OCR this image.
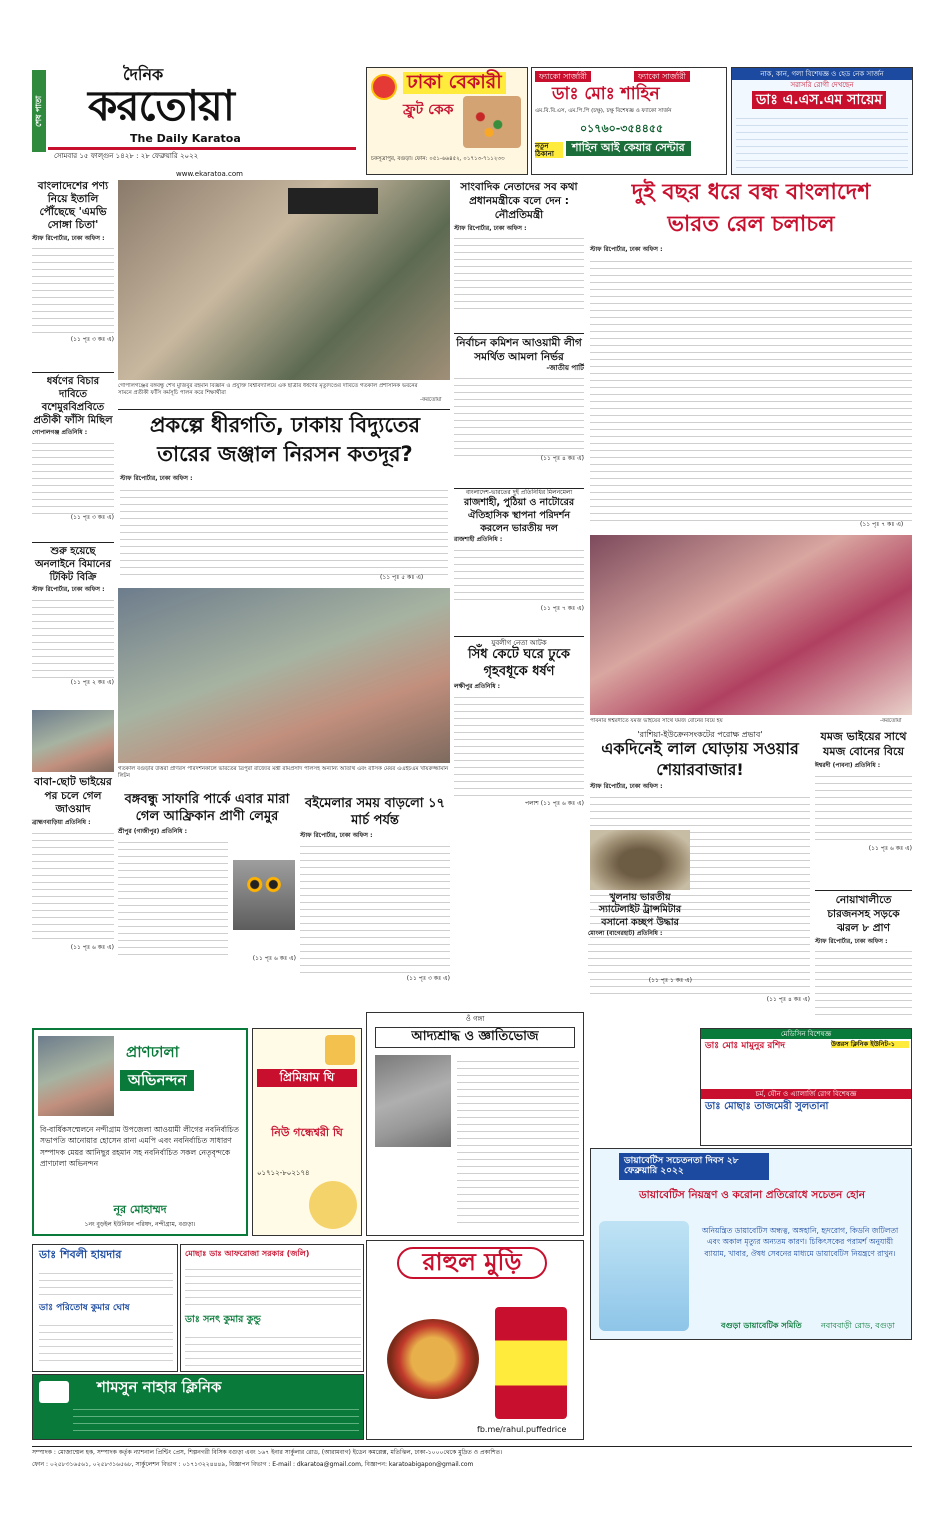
শেষ পাতা
দৈনিক
করতোয়া
The Daily Karatoa
সোমবার ১৫ ফাল্গুন ১৪২৮ : ২৮ ফেব্রুয়ারি ২০২২
www.ekaratoa.com
ঢাকা বেকারী
ফ্রুট কেক
চকসূত্রাপুর, বগুড়া। ফোন: ০৫১-৬৬৪৫২, ০১৭১৩-৭১১২৩৩
ফ্যাকো সার্জারী	ফ্যাকো সার্জারী
ডাঃ মোঃ শাহিন
এম.বি.বি.এস, এম.পি.পি (চক্ষু), চক্ষু বিশেষজ্ঞ ও ফ্যাকো সার্জন
০১৭৬০-৩৫৪৪৫৫
নতুন ঠিকানা
শাহিন আই কেয়ার সেন্টার
নাক, কান, গলা বিশেষজ্ঞ ও হেড নেক সার্জন
সরাসরি রোগী দেখছেন
ডাঃ এ.এস.এম সায়েম
বাংলাদেশের পণ্য নিয়ে ইতালি পৌঁছেছে 'এমভি সোঙ্গা চিতা'
স্টাফ রিপোর্টার, ঢাকা অফিস :
(১১ পৃঃ ৩ কঃ এ)
ধর্ষণের বিচার দাবিতে বশেমুরবিপ্রবিতে প্রতীকী ফাঁসি মিছিল
গোপালগঞ্জ প্রতিনিধি :
(১১ পৃঃ ৩ কঃ এ)
শুরু হয়েছে অনলাইনে বিমানের টিকিট বিক্রি
স্টাফ রিপোর্টার, ঢাকা অফিস :
(১১ পৃঃ ২ কঃ এ)
বাবা-ছোট ভাইয়ের পর চলে গেল জাওয়াদ
ব্রাহ্মণবাড়িয়া প্রতিনিধি :
(১১ পৃঃ ৬ কঃ এ)
গোপালগঞ্জের বঙ্গবন্ধু শেখ মুজিবুর রহমান বিজ্ঞান ও প্রযুক্তি বিশ্ববিদ্যালয়ে এক ছাত্রীর ধর্ষণের মৃত্যুদণ্ডের দাবিতে গতকাল প্রশাসনিক ভবনের সামনে প্রতীকী ফাঁসি কর্মসূচি পালন করে শিক্ষার্থীরা
-করতোয়া
প্রকল্পে ধীরগতি, ঢাকায় বিদ্যুতের
তারের জঞ্জাল নিরসন কতদূর?
স্টাফ রিপোর্টার, ঢাকা অফিস :
(১১ পৃঃ ৫ কঃ এ)
গতকাল বগুড়ার উত্তরা প্রাণরস পরিদর্শনকালে ভারতের ত্রিপুরা রাজ্যের মন্ত্রী রামপ্রসাদ পালসহ অন্যান্য অতিথি এবং রাসিক মেয়র এএইচএম খায়রুজ্জামান লিটন
বঙ্গবন্ধু সাফারি পার্কে এবার মারা গেল আফ্রিকান প্রাণী লেমুর
শ্রীপুর (গাজীপুর) প্রতিনিধি :
(১১ পৃঃ ৬ কঃ এ)
বইমেলার সময় বাড়লো ১৭ মার্চ পর্যন্ত
স্টাফ রিপোর্টার, ঢাকা অফিস :
(১১ পৃঃ ৩ কঃ এ)
সাংবাদিক নেতাদের সব কথা প্রধানমন্ত্রীকে বলে দেন : নৌপ্রতিমন্ত্রী
স্টাফ রিপোর্টার, ঢাকা অফিস :
নির্বাচন কমিশন আওয়ামী লীগ সমর্থিত আমলা নির্ভর
-জাতীয় পার্টি
(১১ পৃঃ ৪ কঃ এ)
বাংলাদেশ-ভারতের দুই প্রতিনিধির মিলনমেলা
রাজশাহী, পুঠিয়া ও নাটোরের ঐতিহাসিক স্থাপনা পরিদর্শন করলেন ভারতীয় দল
রাজশাহী প্রতিনিধি :
(১১ পৃঃ ৭ কঃ এ)
যুবলীগ নেতা আটক
সিঁধ কেটে ঘরে ঢুকে গৃহবধূকে ধর্ষণ
লক্ষীপুর প্রতিনিধি :
পলাশ (১১ পৃঃ ৬ কঃ এ)
দুই বছর ধরে বন্ধ বাংলাদেশ
ভারত রেল চলাচল
স্টাফ রিপোর্টার, ঢাকা অফিস :
(১১ পৃঃ ৭ কঃ এ)
পাবনার ঈশ্বরদীতে যমজ ভাইয়ের সাথে যমজ বোনের বিয়ে হয়	-করতোয়া
'রাশিয়া-ইউক্রেনসংকটের পরোক্ষ প্রভাব'
একদিনেই লাল ঘোড়ায় সওয়ার শেয়ারবাজার!
স্টাফ রিপোর্টার, ঢাকা অফিস :
(১১ পৃঃ ৪ কঃ এ)
যমজ ভাইয়ের সাথে যমজ বোনের বিয়ে
ঈশ্বরদী (পাবনা) প্রতিনিধি :
(১১ পৃঃ ৬ কঃ এ)
নোয়াখালীতে চারজনসহ সড়কে ঝরল ৮ প্রাণ
স্টাফ রিপোর্টার, ঢাকা অফিস :
খুলনায় ভারতীয় স্যাটেলাইট ট্রান্সমিটার বসানো কচ্ছপ উদ্ধার
মোংলা (বাগেরহাট) প্রতিনিধি :
(১১ পৃঃ ১ কঃ এ)
প্রাণঢালা
অভিনন্দন
বি-বার্ষিকসম্মেলনে নন্দীগ্রাম উপজেলা আওয়ামী লীগের নবনির্বাচিত সভাপতি আনোয়ার হোসেন রানা এমপি এবং নবনির্বাচিত সাধারণ সম্পাদক মেয়র আনিছুর রহমান সহ নবনির্বাচিত সকল নেতৃবৃন্দকে প্রাণঢালা অভিনন্দন
নূর মোহাম্মদ
১নং বুড়ইল ইউনিয়ন পরিষদ, নন্দীগ্রাম, বগুড়া।
প্রিমিয়াম ঘি
নিউ গন্ধেশ্বরী ঘি
০১৭১২-৮০২১৭৪
ওঁ গঙ্গা
আদ্যশ্রাদ্ধ ও জ্ঞাতিভোজ	মেডিসিন বিশেষজ্ঞ
ডাঃ মোঃ মামুনুর রশিদ	উত্তরস ক্লিনিক ইউনিট-১
চর্ম, যৌন ও এ্যালার্জি রোগ বিশেষজ্ঞ
ডাঃ মোছাঃ তাজমেরী সুলতানা
ডায়াবেটিস সচেতনতা দিবস ২৮ ফেব্রুয়ারি ২০২২
ডায়াবেটিস নিয়ন্ত্রণ ও করোনা প্রতিরোধে সচেতন হোন
অনিয়ন্ত্রিত ডায়াবেটিস অন্ধত্ব, অঙ্গহানি, হৃদরোগ, কিডনি জটিলতা এবং অকাল মৃত্যুর অন্যতম কারণ। চিকিৎসকের পরামর্শ অনুযায়ী ব্যায়াম, খাবার, ঔষধ সেবনের মাধ্যমে ডায়াবেটিস নিয়ন্ত্রণে রাখুন।
বগুড়া ডায়াবেটিক সমিতি নবাববাড়ী রোড, বগুড়া
ডাঃ শিবলী হায়দার
ডাঃ পরিতোষ কুমার ঘোষ
মোছাঃ ডাঃ আফরোজা সরকার (জলি)
ডাঃ সনৎ কুমার কুন্ডু
রাহুল মুড়ি
fb.me/rahul.puffedrice
শামসুন নাহার ক্লিনিক
সম্পাদক : মোজাম্মেল হক, সম্পাদক কর্তৃক ন্যাশনাল প্রিন্টিং প্রেস, শিল্পনগরী বিসিক বগুড়া এবং ১৬৭ ইনার সার্কুলার রোড, (আরামবাগ) ইডেন কমপ্লেক্স, মতিঝিল, ঢাকা-১০০০থেকে মুদ্রিত ও প্রকাশিত।
ফোন : ০২৫৮৩১৬৫৬১, ০২৫৮৩১৬৫৬৮, সার্কুলেশন বিভাগ : ০১৭১৩২২৪৪৪৯, বিজ্ঞাপন বিভাগ : E-mail : dkaratoa@gmail.com, বিজ্ঞাপন: karatoabigapon@gmail.com
